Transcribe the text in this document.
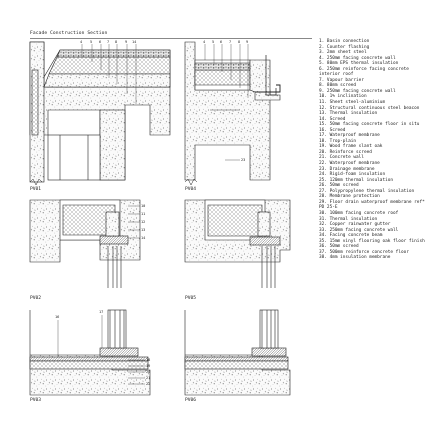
Facade Construction Section
4 5 6 7 8 9 14	4 5 6 7 8 9
23
10
11
12
13
14
16
17
18
19
20
21
22
PV01	PV04
PV02	PV05
PV03	PV06
1. Basin connection
2. Counter flashing
3. 2mm sheet steel
4. 250mm facing concrete wall
5. 80mm EPS thermal insulation
6. 250mm reinforce facing concrete interior roof
7. Vapour barrier
8. 80mm screed
9. 250mm facing concrete wall
10. 1% inclination
11. Sheet steel-aluminium
12. Structural continuous steel beacon
13. Thermal insulation
14. Screed
15. 50mm facing concrete floor in situ
16. Screed
17. Waterproof membrane
18. Trop-plain
19. Wood frame slant oak
20. Reinforce screed
21. Concrete wall
22. Waterproof membrane
23. Drainage membrane
24. Rigid-foam insulation
25. 120mm thermal insulation
26. 50mm screed
27. Polypropylene thermal insulation
28. Membrane protection
29. Floor drain waterproof membrane ref* PD 25-E
30. 100mm facing concrete roof
31. Thermal insulation
32. Copper rainwater gutter
33. 250mm facing concrete wall
34. Facing concrete beam
35. 15mm vinyl flooring oak floor finish
36. 50mm screed
37. 500mm reinforce concrete floor
38. 4mm insulation membrane
